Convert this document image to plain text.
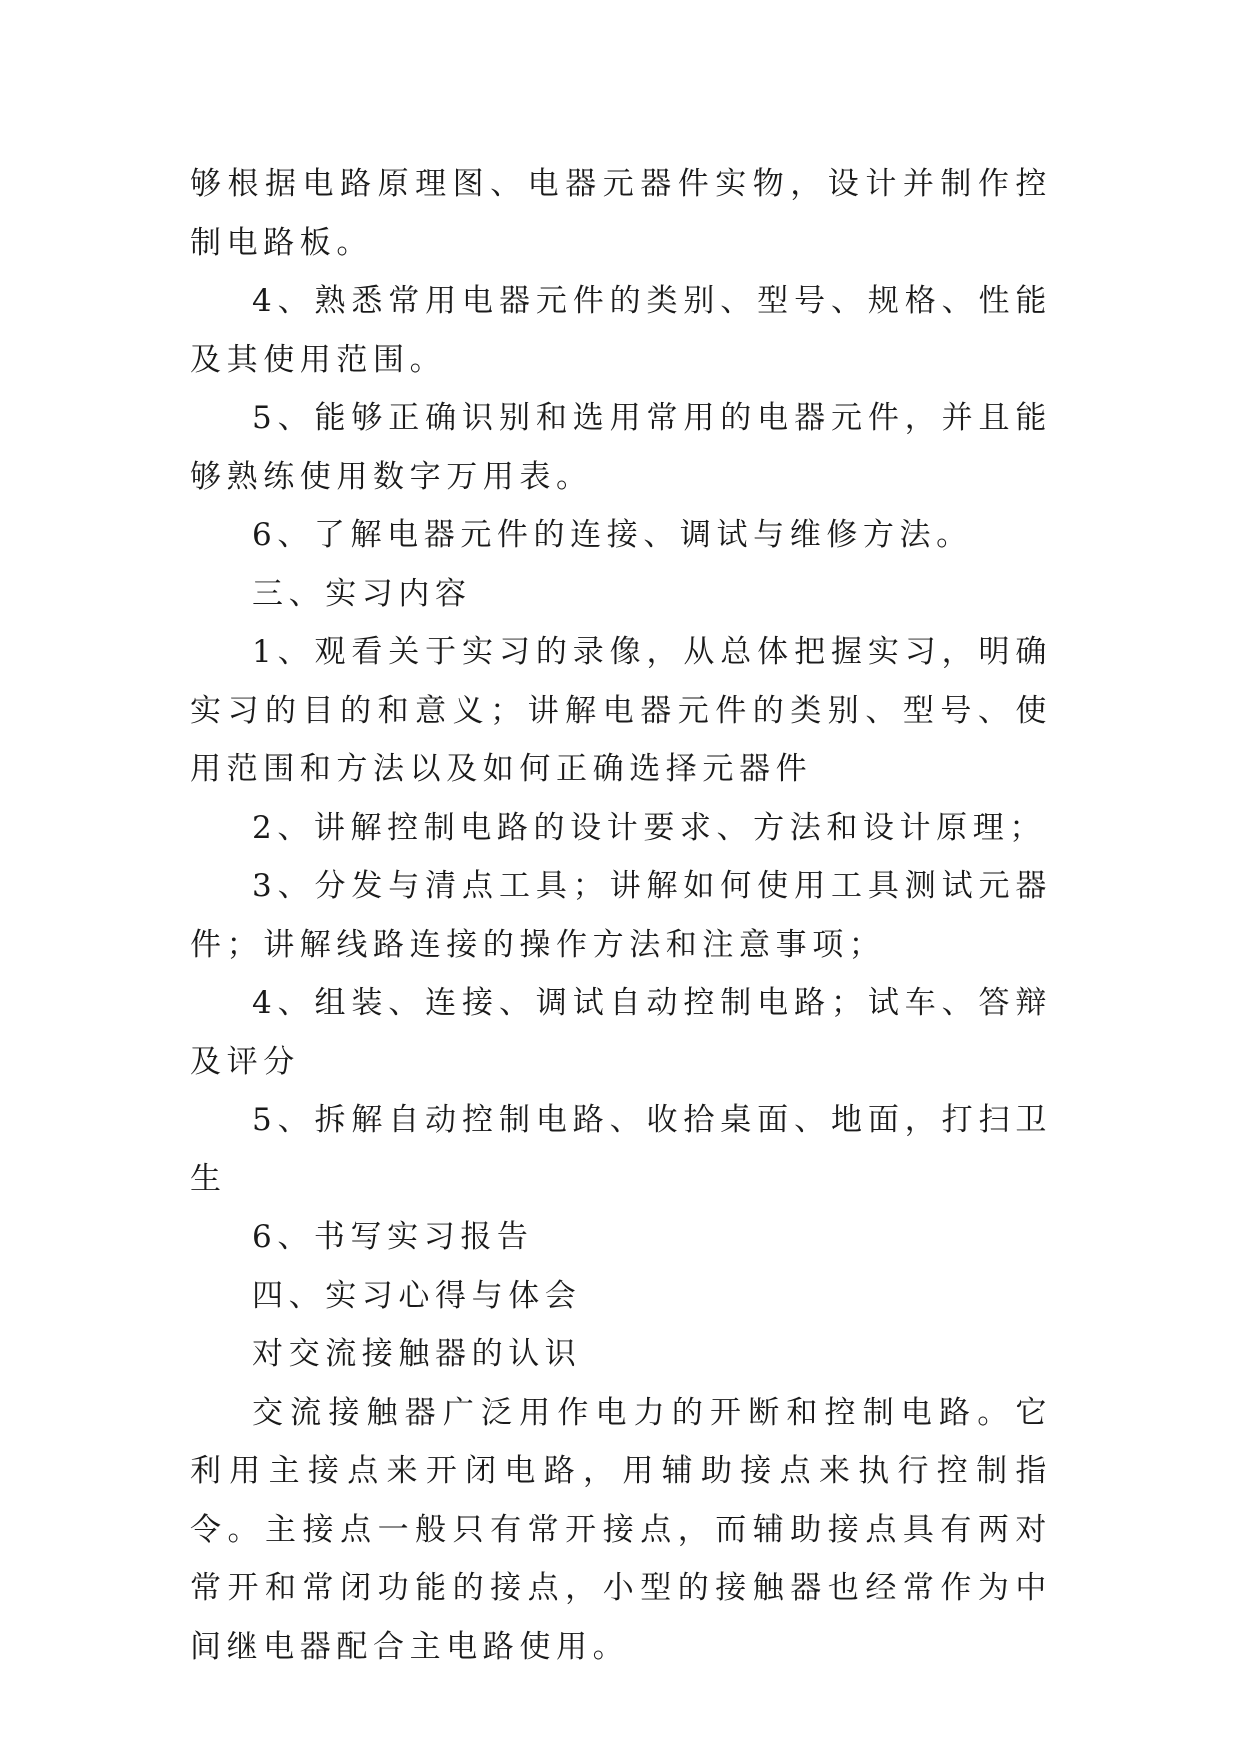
够根据电路原理图、电器元器件实物，设计并制作控制电路板。

4、熟悉常用电器元件的类别、型号、规格、性能及其使用范围。

5、能够正确识别和选用常用的电器元件，并且能够熟练使用数字万用表。

6、了解电器元件的连接、调试与维修方法。

三、实习内容

1、观看关于实习的录像，从总体把握实习，明确实习的目的和意义；讲解电器元件的类别、型号、使用范围和方法以及如何正确选择元器件

2、讲解控制电路的设计要求、方法和设计原理；

3、分发与清点工具；讲解如何使用工具测试元器件；讲解线路连接的操作方法和注意事项；

4、组装、连接、调试自动控制电路；试车、答辩及评分

5、拆解自动控制电路、收拾桌面、地面，打扫卫生

6、书写实习报告

四、实习心得与体会

对交流接触器的认识

交流接触器广泛用作电力的开断和控制电路。它利用主接点来开闭电路，用辅助接点来执行控制指令。主接点一般只有常开接点，而辅助接点具有两对常开和常闭功能的接点，小型的接触器也经常作为中间继电器配合主电路使用。
